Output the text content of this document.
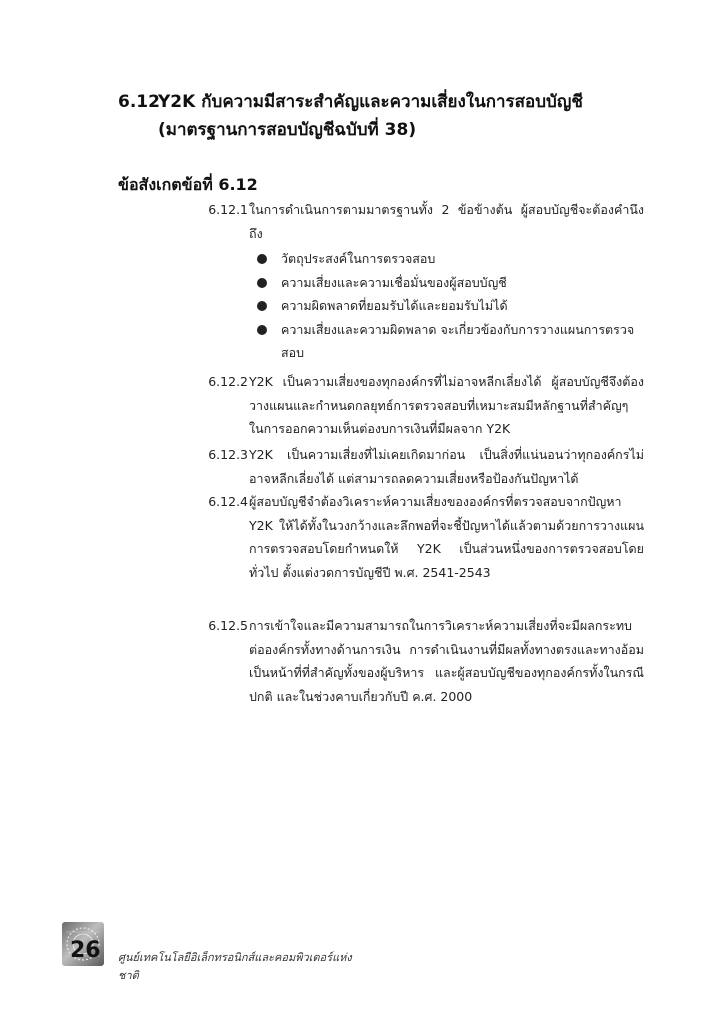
6.12Y2K กับความมีสาระสำคัญและความเสี่ยงในการสอบบัญชี
(มาตรฐานการสอบบัญชีฉบับที่ 38)
ข้อสังเกตข้อที่ 6.12
6.12.1 ในการดำเนินการตามมาตรฐานทั้ง 2 ข้อข้างต้น ผู้สอบบัญชีจะต้องคำนึงถึง
วัตถุประสงค์ในการตรวจสอบ
ความเสี่ยงและความเชื่อมั่นของผู้สอบบัญชี
ความผิดพลาดที่ยอมรับได้และยอมรับไม่ได้
ความเสี่ยงและความผิดพลาด จะเกี่ยวข้องกับการวางแผนการตรวจสอบ
6.12.2 Y2K เป็นความเสี่ยงของทุกองค์กรที่ไม่อาจหลีกเลี่ยงได้ ผู้สอบบัญชีจึงต้องวางแผนและกำหนดกลยุทธ์การตรวจสอบที่เหมาะสมมีหลักฐานที่สำคัญๆ ในการออกความเห็นต่องบการเงินที่มีผลจาก Y2K
6.12.3 Y2K เป็นความเสี่ยงที่ไม่เคยเกิดมาก่อน เป็นสิ่งที่แน่นอนว่าทุกองค์กรไม่อาจหลีกเลี่ยงได้ แต่สามารถลดความเสี่ยงหรือป้องกันปัญหาได้
6.12.4 ผู้สอบบัญชีจำต้องวิเคราะห์ความเสี่ยงขององค์กรที่ตรวจสอบจากปัญหา Y2K ให้ได้ทั้งในวงกว้างและลึกพอที่จะชี้ปัญหาได้แล้วตามด้วยการวางแผนการตรวจสอบโดยกำหนดให้ Y2K เป็นส่วนหนึ่งของการตรวจสอบโดยทั่วไป ตั้งแต่งวดการบัญชีปี พ.ศ. 2541-2543
6.12.5 การเข้าใจและมีความสามารถในการวิเคราะห์ความเสี่ยงที่จะมีผลกระทบต่อองค์กรทั้งทางด้านการเงิน การดำเนินงานที่มีผลทั้งทางตรงและทางอ้อม เป็นหน้าที่ที่สำคัญทั้งของผู้บริหาร และผู้สอบบัญชีของทุกองค์กรทั้งในกรณีปกติ และในช่วงคาบเกี่ยวกับปี ค.ศ. 2000
26 ศูนย์เทคโนโลยีอิเล็กทรอนิกส์และคอมพิวเตอร์แห่งชาติ
